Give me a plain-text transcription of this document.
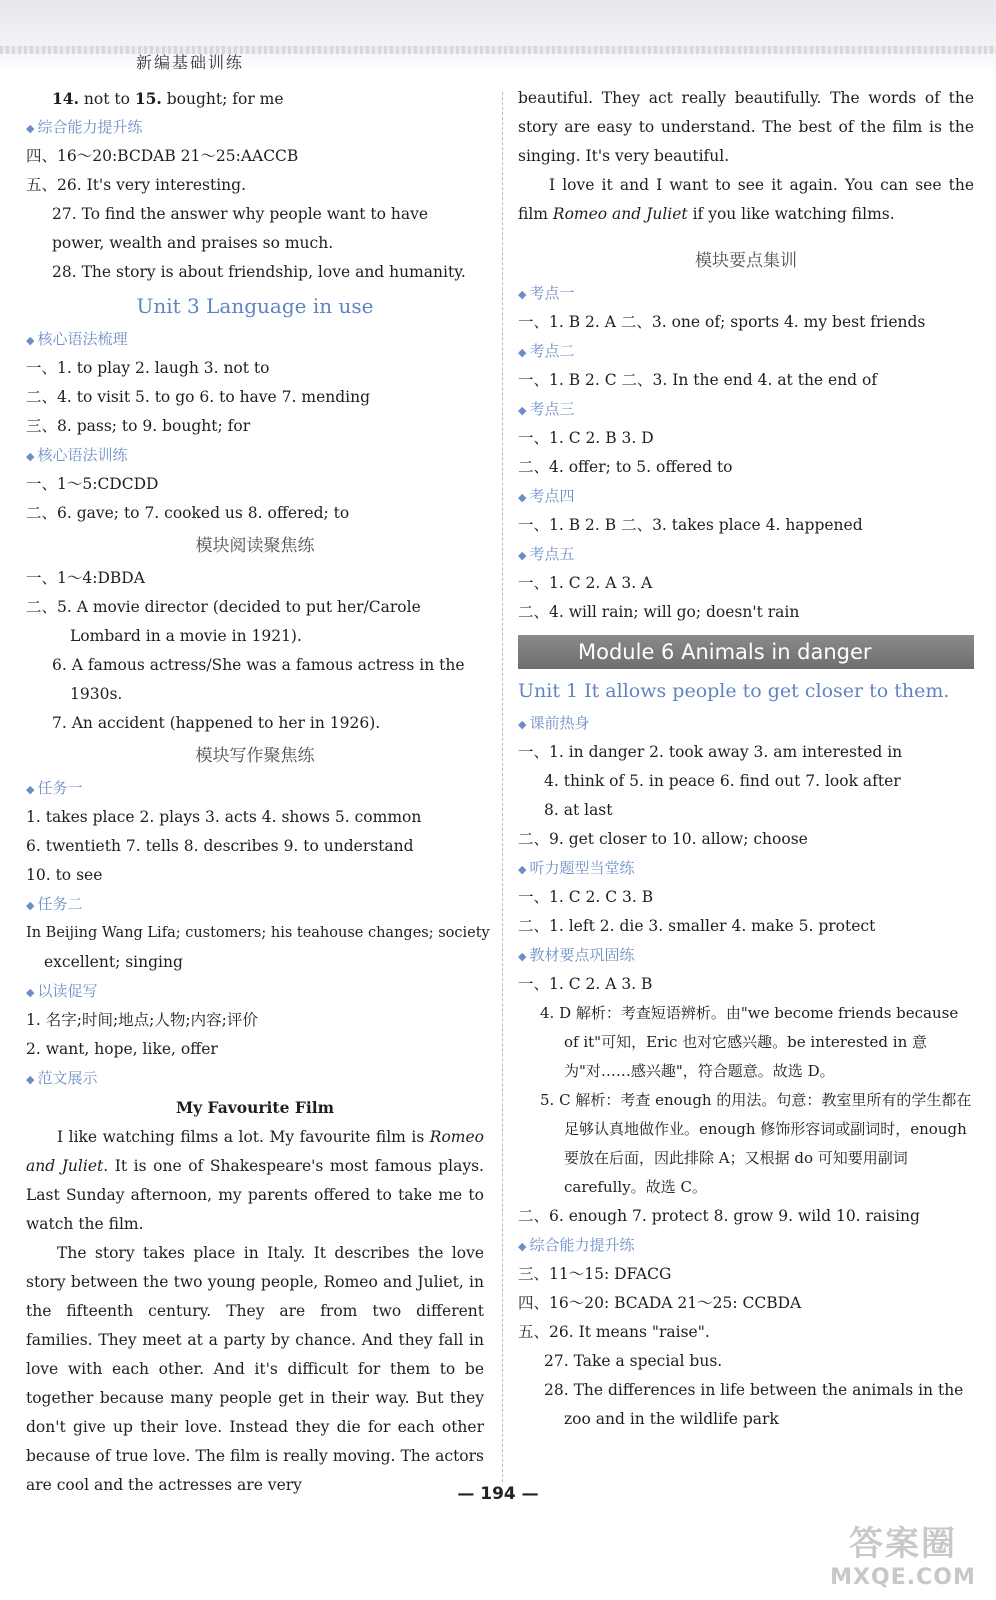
新编基础训练
14. not to 15. bought; for me
◆ 综合能力提升练
四、16～20:BCDAB 21～25:AACCB
五、26. It's very interesting.
27. To find the answer why people want to have power, wealth and praises so much.
28. The story is about friendship, love and humanity.
Unit 3 Language in use
◆ 核心语法梳理
一、1. to play 2. laugh 3. not to
二、4. to visit 5. to go 6. to have 7. mending
三、8. pass; to 9. bought; for
◆ 核心语法训练
一、1～5:CDCDD
二、6. gave; to 7. cooked us 8. offered; to
模块阅读聚焦练
一、1～4:DBDA
二、5. A movie director (decided to put her/Carole Lombard in a movie in 1921).
6. A famous actress/She was a famous actress in the 1930s.
7. An accident (happened to her in 1926).
模块写作聚焦练
◆ 任务一
1. takes place 2. plays 3. acts 4. shows 5. common
6. twentieth 7. tells 8. describes 9. to understand
10. to see
◆ 任务二
In Beijing Wang Lifa; customers; his teahouse changes; society
excellent; singing
◆ 以读促写
1. 名字;时间;地点;人物;内容;评价
2. want, hope, like, offer
◆ 范文展示
My Favourite Film

I like watching films a lot. My favourite film is Romeo and Juliet. It is one of Shakespeare's most famous plays. Last Sunday afternoon, my parents offered to take me to watch the film.

The story takes place in Italy. It describes the love story between the two young people, Romeo and Juliet, in the fifteenth century. They are from two different families. They meet at a party by chance. And they fall in love with each other. And it's difficult for them to be together because many people get in their way. But they don't give up their love. Instead they die for each other because of true love. The film is really moving. The actors are cool and the actresses are very

beautiful. They act really beautifully. The words of the story are easy to understand. The best of the film is the singing. It's very beautiful.

I love it and I want to see it again. You can see the film Romeo and Juliet if you like watching films.

模块要点集训
◆ 考点一
一、1. B 2. A 二、3. one of; sports 4. my best friends
◆ 考点二
一、1. B 2. C 二、3. In the end 4. at the end of
◆ 考点三
一、1. C 2. B 3. D
二、4. offer; to 5. offered to
◆ 考点四
一、1. B 2. B 二、3. takes place 4. happened
◆ 考点五
一、1. C 2. A 3. A
二、4. will rain; will go; doesn't rain
Module 6 Animals in danger
Unit 1 It allows people to get closer to them.
◆ 课前热身
一、1. in danger 2. took away 3. am interested in
4. think of 5. in peace 6. find out 7. look after
8. at last
二、9. get closer to 10. allow; choose
◆ 听力题型当堂练
一、1. C 2. C 3. B
二、1. left 2. die 3. smaller 4. make 5. protect
◆ 教材要点巩固练
一、1. C 2. A 3. B
4. D 解析：考查短语辨析。由"we become friends because of it"可知，Eric 也对它感兴趣。be interested in 意为"对……感兴趣"，符合题意。故选 D。
5. C 解析：考查 enough 的用法。句意：教室里所有的学生都在足够认真地做作业。enough 修饰形容词或副词时，enough 要放在后面，因此排除 A；又根据 do 可知要用副词 carefully。故选 C。
二、6. enough 7. protect 8. grow 9. wild 10. raising
◆ 综合能力提升练
三、11～15: DFACG
四、16～20: BCADA 21～25: CCBDA
五、26. It means "raise".
27. Take a special bus.
28. The differences in life between the animals in the zoo and in the wildlife park
— 194 —
答案圈
MXQE.COM
